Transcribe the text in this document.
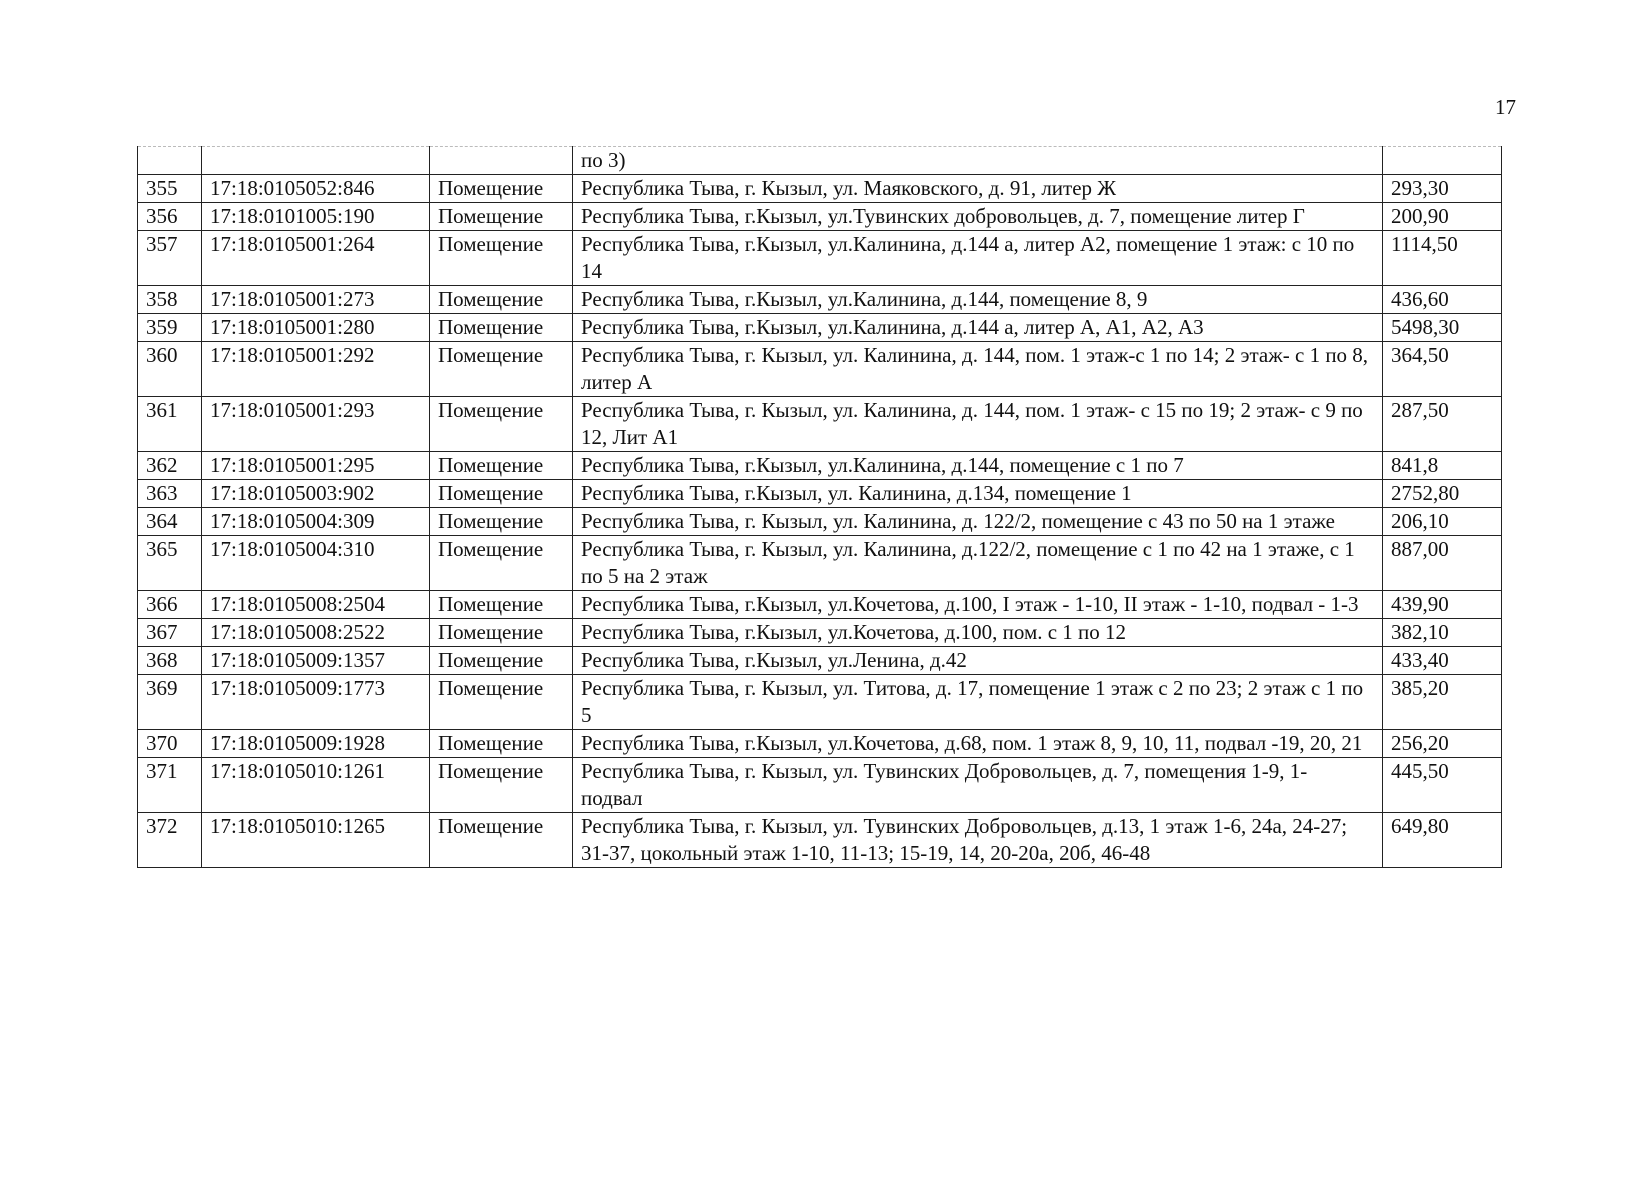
17
			по 3)	
355	17:18:0105052:846	Помещение	Республика Тыва, г. Кызыл, ул. Маяковского, д. 91, литер Ж	293,30
356	17:18:0101005:190	Помещение	Республика Тыва, г.Кызыл, ул.Тувинских добровольцев, д. 7, помещение литер Г	200,90
357	17:18:0105001:264	Помещение	Республика Тыва, г.Кызыл, ул.Калинина, д.144 а, литер А2, помещение 1 этаж: с 10 по 14	1114,50
358	17:18:0105001:273	Помещение	Республика Тыва, г.Кызыл, ул.Калинина, д.144, помещение 8, 9	436,60
359	17:18:0105001:280	Помещение	Республика Тыва, г.Кызыл, ул.Калинина, д.144 а, литер А, А1, А2, А3	5498,30
360	17:18:0105001:292	Помещение	Республика Тыва, г. Кызыл, ул. Калинина, д. 144, пом. 1 этаж-с 1 по 14; 2 этаж- с 1 по 8, литер А	364,50
361	17:18:0105001:293	Помещение	Республика Тыва, г. Кызыл, ул. Калинина, д. 144, пом. 1 этаж- с 15 по 19; 2 этаж- с 9 по 12, Лит А1	287,50
362	17:18:0105001:295	Помещение	Республика Тыва, г.Кызыл, ул.Калинина, д.144, помещение с 1 по 7	841,8
363	17:18:0105003:902	Помещение	Республика Тыва, г.Кызыл, ул. Калинина, д.134, помещение 1	2752,80
364	17:18:0105004:309	Помещение	Республика Тыва, г. Кызыл, ул. Калинина, д. 122/2, помещение с 43 по 50 на 1 этаже	206,10
365	17:18:0105004:310	Помещение	Республика Тыва, г. Кызыл, ул. Калинина, д.122/2, помещение с 1 по 42 на 1 этаже, с 1 по 5 на 2 этаж	887,00
366	17:18:0105008:2504	Помещение	Республика Тыва, г.Кызыл, ул.Кочетова, д.100, I этаж - 1-10, II этаж - 1-10, подвал - 1-3	439,90
367	17:18:0105008:2522	Помещение	Республика Тыва, г.Кызыл, ул.Кочетова, д.100, пом. с 1 по 12	382,10
368	17:18:0105009:1357	Помещение	Республика Тыва, г.Кызыл, ул.Ленина, д.42	433,40
369	17:18:0105009:1773	Помещение	Республика Тыва, г. Кызыл, ул. Титова, д. 17, помещение 1 этаж с 2 по 23; 2 этаж с 1 по 5	385,20
370	17:18:0105009:1928	Помещение	Республика Тыва, г.Кызыл, ул.Кочетова, д.68, пом. 1 этаж 8, 9, 10, 11, подвал -19, 20, 21	256,20
371	17:18:0105010:1261	Помещение	Республика Тыва, г. Кызыл, ул. Тувинских Добровольцев, д. 7, помещения 1-9, 1- подвал	445,50
372	17:18:0105010:1265	Помещение	Республика Тыва, г. Кызыл, ул. Тувинских Добровольцев, д.13, 1 этаж 1-6, 24а, 24-27; 31-37, цокольный этаж 1-10, 11-13; 15-19, 14, 20-20а, 20б, 46-48	649,80
